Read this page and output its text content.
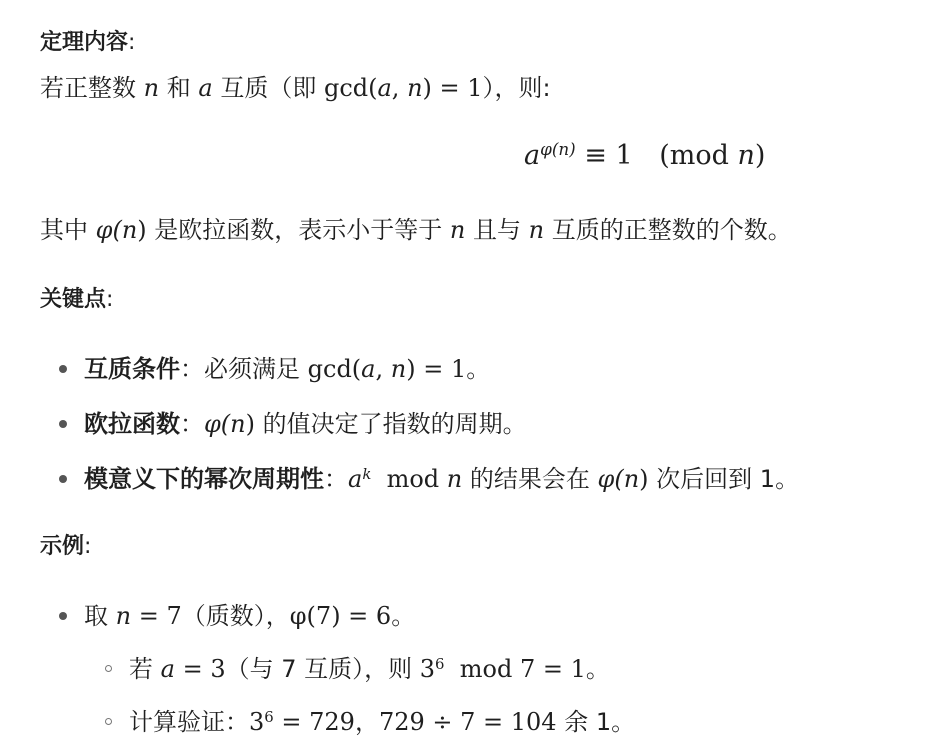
定理内容:
若正整数 n 和 a 互质（即 gcd(a, n) = 1），则:
$a^{\varphi(n)} \equiv 1$ (mod n)
其中 φ(n) 是欧拉函数，表示小于等于 n 且与 n 互质的正整数的个数。
关键点:
互质条件：必须满足 gcd(a, n) = 1。
欧拉函数：φ(n) 的值决定了指数的周期。
模意义下的幂次周期性：$a^k$  mod n 的结果会在 φ(n) 次后回到 1。
示例:
取 n = 7（质数），φ(7) = 6。
若 a = 3（与 7 互质），则 $3^6$  mod 7 = 1。
计算验证：$3^6 = 729$，729 ÷ 7 = 104 余 1。
